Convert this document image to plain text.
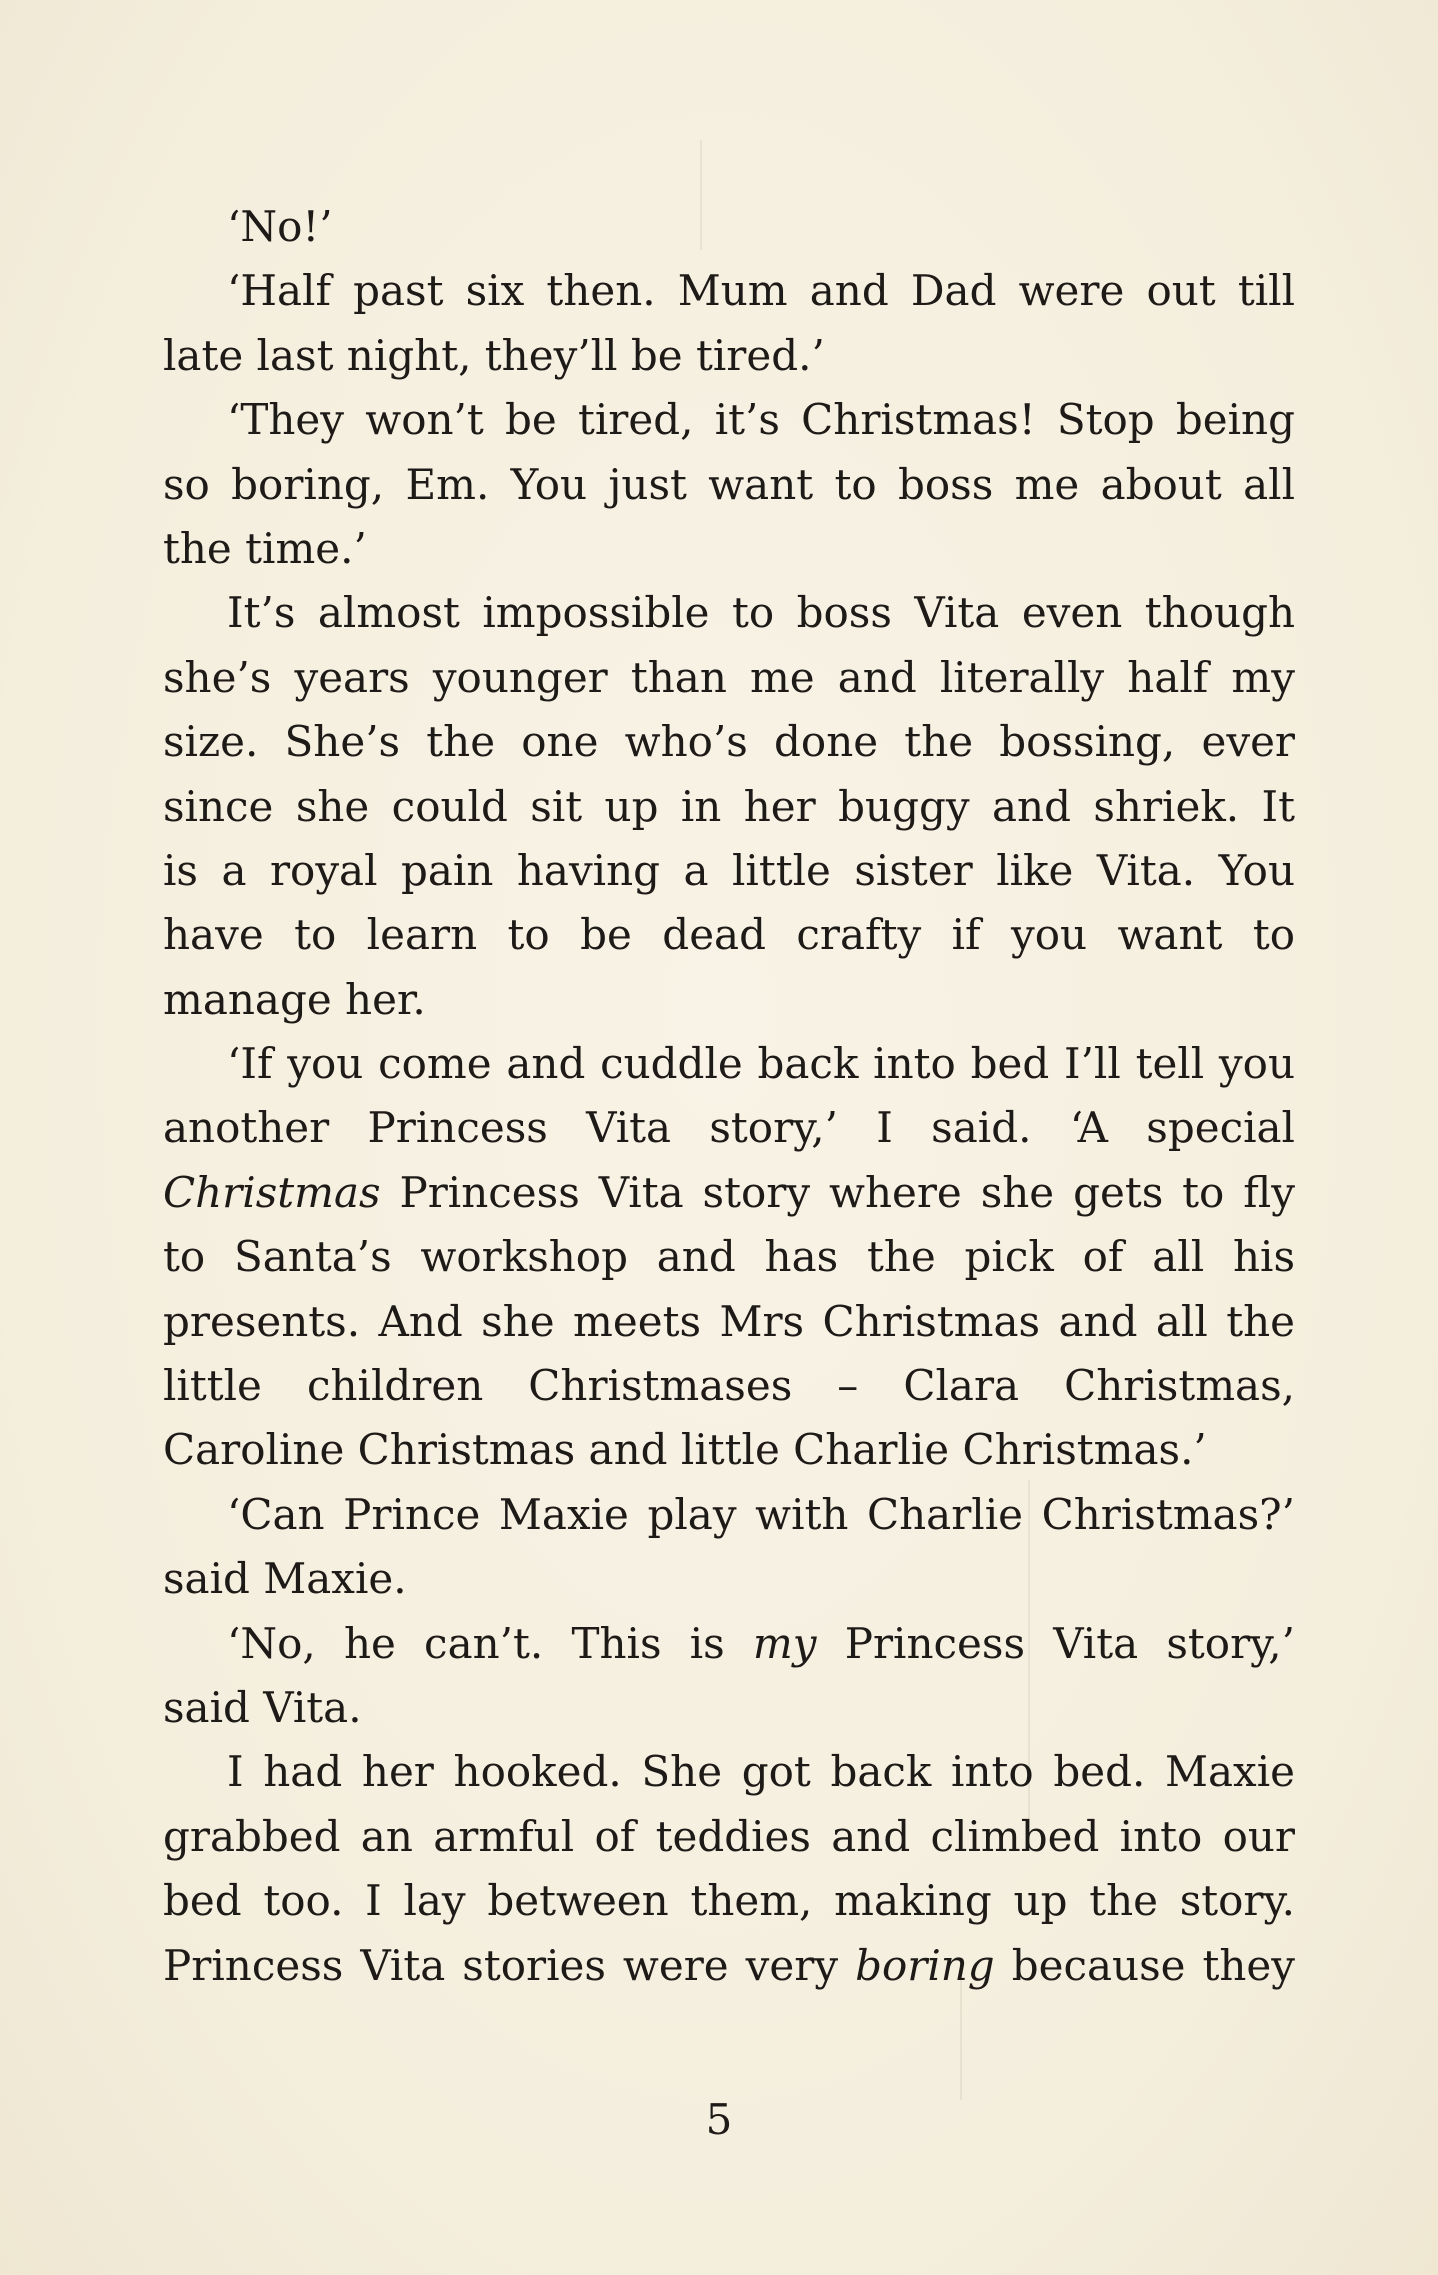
‘No!’
‘Half past six then. Mum and Dad were out till
late last night, they’ll be tired.’
‘They won’t be tired, it’s Christmas! Stop being
so boring, Em. You just want to boss me about all
the time.’
It’s almost impossible to boss Vita even though
she’s years younger than me and literally half my
size. She’s the one who’s done the bossing, ever
since she could sit up in her buggy and shriek. It
is a royal pain having a little sister like Vita. You
have to learn to be dead crafty if you want to
manage her.
‘If you come and cuddle back into bed I’ll tell you
another Princess Vita story,’ I said. ‘A special
Christmas Princess Vita story where she gets to fly
to Santa’s workshop and has the pick of all his
presents. And she meets Mrs Christmas and all the
little children Christmases – Clara Christmas,
Caroline Christmas and little Charlie Christmas.’
‘Can Prince Maxie play with Charlie Christmas?’
said Maxie.
‘No, he can’t. This is my Princess Vita story,’
said Vita.
I had her hooked. She got back into bed. Maxie
grabbed an armful of teddies and climbed into our
bed too. I lay between them, making up the story.
Princess Vita stories were very boring because they
5
